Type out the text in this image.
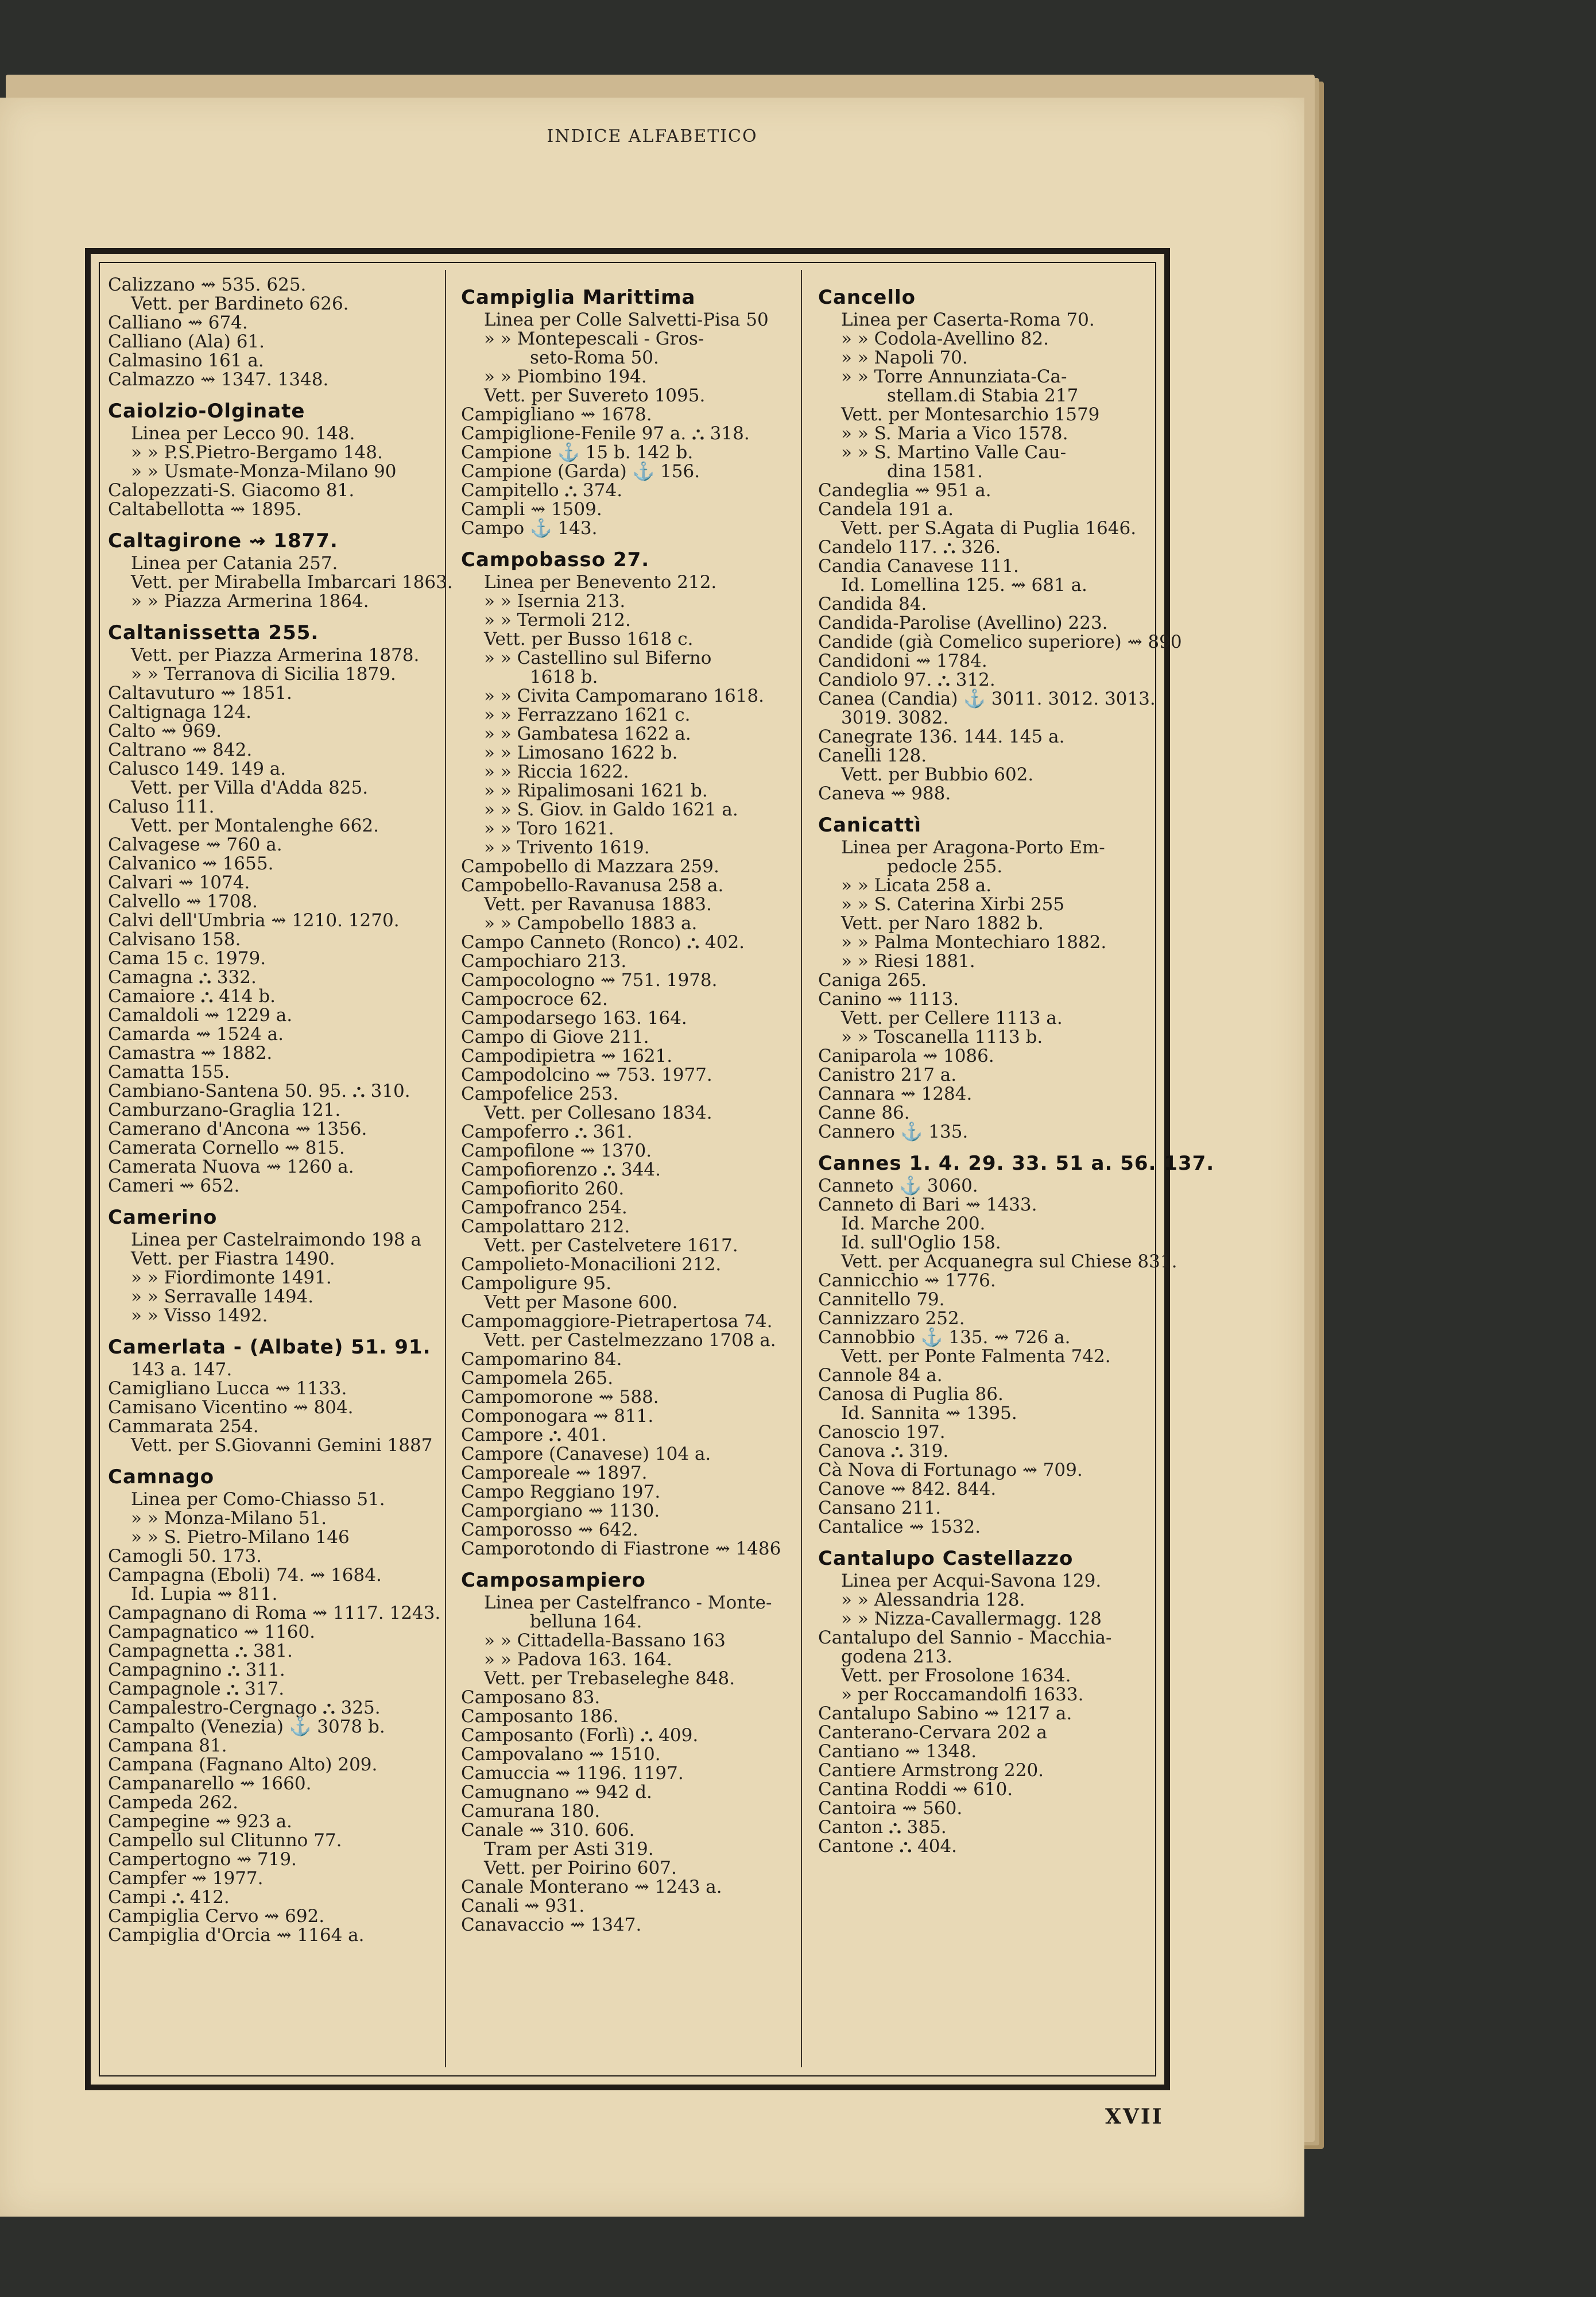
INDICE ALFABETICO
Calizzano ⇝ 535. 625.
Vett. per Bardineto 626.
Calliano ⇝ 674.
Calliano (Ala) 61.
Calmasino 161 a.
Calmazzo ⇝ 1347. 1348.
Caiolzio-Olginate
Linea per Lecco 90. 148.
» » P.S.Pietro-Bergamo 148.
» » Usmate-Monza-Milano 90
Calopezzati-S. Giacomo 81.
Caltabellotta ⇝ 1895.
Caltagirone ⇝ 1877.
Linea per Catania 257.
Vett. per Mirabella Imbarcari 1863.
» » Piazza Armerina 1864.
Caltanissetta 255.
Vett. per Piazza Armerina 1878.
» » Terranova di Sicilia 1879.
Caltavuturo ⇝ 1851.
Caltignaga 124.
Calto ⇝ 969.
Caltrano ⇝ 842.
Calusco 149. 149 a.
Vett. per Villa d'Adda 825.
Caluso 111.
Vett. per Montalenghe 662.
Calvagese ⇝ 760 a.
Calvanico ⇝ 1655.
Calvari ⇝ 1074.
Calvello ⇝ 1708.
Calvi dell'Umbria ⇝ 1210. 1270.
Calvisano 158.
Cama 15 c. 1979.
Camagna ⛬ 332.
Camaiore ⛬ 414 b.
Camaldoli ⇝ 1229 a.
Camarda ⇝ 1524 a.
Camastra ⇝ 1882.
Camatta 155.
Cambiano-Santena 50. 95. ⛬ 310.
Camburzano-Graglia 121.
Camerano d'Ancona ⇝ 1356.
Camerata Cornello ⇝ 815.
Camerata Nuova ⇝ 1260 a.
Cameri ⇝ 652.
Camerino
Linea per Castelraimondo 198 a
Vett. per Fiastra 1490.
» » Fiordimonte 1491.
» » Serravalle 1494.
» » Visso 1492.
Camerlata - (Albate) 51. 91.
143 a. 147.
Camigliano Lucca ⇝ 1133.
Camisano Vicentino ⇝ 804.
Cammarata 254.
Vett. per S.Giovanni Gemini 1887
Camnago
Linea per Como-Chiasso 51.
» » Monza-Milano 51.
» » S. Pietro-Milano 146
Camogli 50. 173.
Campagna (Eboli) 74. ⇝ 1684.
Id. Lupia ⇝ 811.
Campagnano di Roma ⇝ 1117. 1243.
Campagnatico ⇝ 1160.
Campagnetta ⛬ 381.
Campagnino ⛬ 311.
Campagnole ⛬ 317.
Campalestro-Cergnago ⛬ 325.
Campalto (Venezia) ⚓ 3078 b.
Campana 81.
Campana (Fagnano Alto) 209.
Campanarello ⇝ 1660.
Campeda 262.
Campegine ⇝ 923 a.
Campello sul Clitunno 77.
Campertogno ⇝ 719.
Campfer ⇝ 1977.
Campi ⛬ 412.
Campiglia Cervo ⇝ 692.
Campiglia d'Orcia ⇝ 1164 a.
Campiglia Marittima
Linea per Colle Salvetti-Pisa 50
» » Montepescali - Gros-
seto-Roma 50.
» » Piombino 194.
Vett. per Suvereto 1095.
Campigliano ⇝ 1678.
Campiglione-Fenile 97 a. ⛬ 318.
Campione ⚓ 15 b. 142 b.
Campione (Garda) ⚓ 156.
Campitello ⛬ 374.
Campli ⇝ 1509.
Campo ⚓ 143.
Campobasso 27.
Linea per Benevento 212.
» » Isernia 213.
» » Termoli 212.
Vett. per Busso 1618 c.
» » Castellino sul Biferno
1618 b.
» » Civita Campomarano 1618.
» » Ferrazzano 1621 c.
» » Gambatesa 1622 a.
» » Limosano 1622 b.
» » Riccia 1622.
» » Ripalimosani 1621 b.
» » S. Giov. in Galdo 1621 a.
» » Toro 1621.
» » Trivento 1619.
Campobello di Mazzara 259.
Campobello-Ravanusa 258 a.
Vett. per Ravanusa 1883.
» » Campobello 1883 a.
Campo Canneto (Ronco) ⛬ 402.
Campochiaro 213.
Campocologno ⇝ 751. 1978.
Campocroce 62.
Campodarsego 163. 164.
Campo di Giove 211.
Campodipietra ⇝ 1621.
Campodolcino ⇝ 753. 1977.
Campofelice 253.
Vett. per Collesano 1834.
Campoferro ⛬ 361.
Campofilone ⇝ 1370.
Campofiorenzo ⛬ 344.
Campofiorito 260.
Campofranco 254.
Campolattaro 212.
Vett. per Castelvetere 1617.
Campolieto-Monacilioni 212.
Campoligure 95.
Vett per Masone 600.
Campomaggiore-Pietrapertosa 74.
Vett. per Castelmezzano 1708 a.
Campomarino 84.
Campomela 265.
Campomorone ⇝ 588.
Componogara ⇝ 811.
Campore ⛬ 401.
Campore (Canavese) 104 a.
Camporeale ⇝ 1897.
Campo Reggiano 197.
Camporgiano ⇝ 1130.
Camporosso ⇝ 642.
Camporotondo di Fiastrone ⇝ 1486
Camposampiero
Linea per Castelfranco - Monte-
belluna 164.
» » Cittadella-Bassano 163
» » Padova 163. 164.
Vett. per Trebaseleghe 848.
Camposano 83.
Camposanto 186.
Camposanto (Forlì) ⛬ 409.
Campovalano ⇝ 1510.
Camuccia ⇝ 1196. 1197.
Camugnano ⇝ 942 d.
Camurana 180.
Canale ⇝ 310. 606.
Tram per Asti 319.
Vett. per Poirino 607.
Canale Monterano ⇝ 1243 a.
Canali ⇝ 931.
Canavaccio ⇝ 1347.
Cancello
Linea per Caserta-Roma 70.
» » Codola-Avellino 82.
» » Napoli 70.
» » Torre Annunziata-Ca-
stellam.di Stabia 217
Vett. per Montesarchio 1579
» » S. Maria a Vico 1578.
» » S. Martino Valle Cau-
dina 1581.
Candeglia ⇝ 951 a.
Candela 191 a.
Vett. per S.Agata di Puglia 1646.
Candelo 117. ⛬ 326.
Candia Canavese 111.
Id. Lomellina 125. ⇝ 681 a.
Candida 84.
Candida-Parolise (Avellino) 223.
Candide (già Comelico superiore) ⇝ 890
Candidoni ⇝ 1784.
Candiolo 97. ⛬ 312.
Canea (Candia) ⚓ 3011. 3012. 3013.
3019. 3082.
Canegrate 136. 144. 145 a.
Canelli 128.
Vett. per Bubbio 602.
Caneva ⇝ 988.
Canicattì
Linea per Aragona-Porto Em-
pedocle 255.
» » Licata 258 a.
» » S. Caterina Xirbi 255
Vett. per Naro 1882 b.
» » Palma Montechiaro 1882.
» » Riesi 1881.
Caniga 265.
Canino ⇝ 1113.
Vett. per Cellere 1113 a.
» » Toscanella 1113 b.
Caniparola ⇝ 1086.
Canistro 217 a.
Cannara ⇝ 1284.
Canne 86.
Cannero ⚓ 135.
Cannes 1. 4. 29. 33. 51 a. 56. 137.
Canneto ⚓ 3060.
Canneto di Bari ⇝ 1433.
Id. Marche 200.
Id. sull'Oglio 158.
Vett. per Acquanegra sul Chiese 831.
Cannicchio ⇝ 1776.
Cannitello 79.
Cannizzaro 252.
Cannobbio ⚓ 135. ⇝ 726 a.
Vett. per Ponte Falmenta 742.
Cannole 84 a.
Canosa di Puglia 86.
Id. Sannita ⇝ 1395.
Canoscio 197.
Canova ⛬ 319.
Cà Nova di Fortunago ⇝ 709.
Canove ⇝ 842. 844.
Cansano 211.
Cantalice ⇝ 1532.
Cantalupo Castellazzo
Linea per Acqui-Savona 129.
» » Alessandria 128.
» » Nizza-Cavallermagg. 128
Cantalupo del Sannio - Macchia-
godena 213.
Vett. per Frosolone 1634.
» per Roccamandolfi 1633.
Cantalupo Sabino ⇝ 1217 a.
Canterano-Cervara 202 a
Cantiano ⇝ 1348.
Cantiere Armstrong 220.
Cantina Roddi ⇝ 610.
Cantoira ⇝ 560.
Canton ⛬ 385.
Cantone ⛬ 404.
XVII
